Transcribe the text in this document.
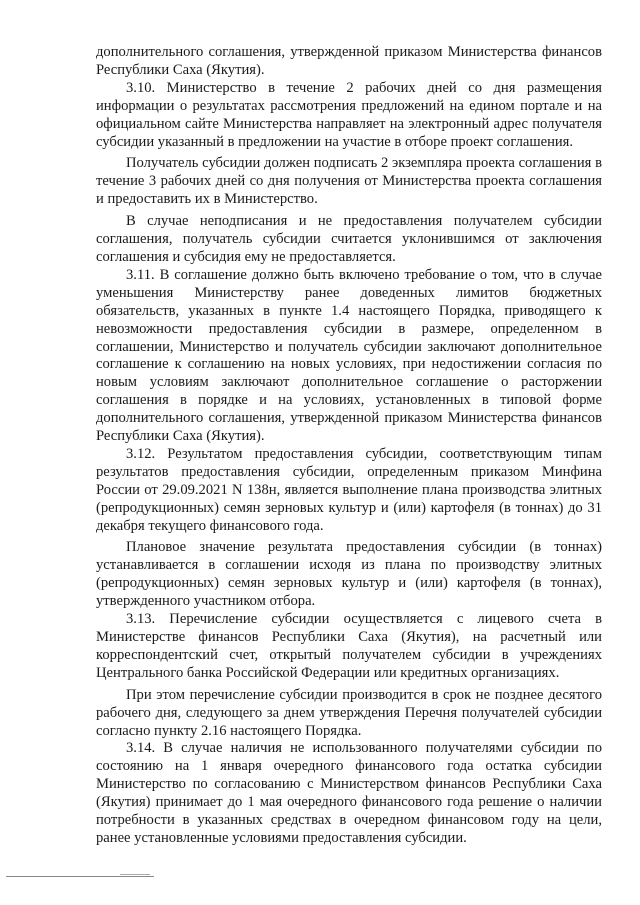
дополнительного соглашения, утвержденной приказом Министерства финансов Республики Саха (Якутия).

3.10. Министерство в течение 2 рабочих дней со дня размещения информации о результатах рассмотрения предложений на едином портале и на официальном сайте Министерства направляет на электронный адрес получателя субсидии указанный в предложении на участие в отборе проект соглашения.

Получатель субсидии должен подписать 2 экземпляра проекта соглашения в течение 3 рабочих дней со дня получения от Министерства проекта соглашения и предоставить их в Министерство.

В случае неподписания и не предоставления получателем субсидии соглашения, получатель субсидии считается уклонившимся от заключения соглашения и субсидия ему не предоставляется.

3.11. В соглашение должно быть включено требование о том, что в случае уменьшения Министерству ранее доведенных лимитов бюджетных обязательств, указанных в пункте 1.4 настоящего Порядка, приводящего к невозможности предоставления субсидии в размере, определенном в соглашении, Министерство и получатель субсидии заключают дополнительное соглашение к соглашению на новых условиях, при недостижении согласия по новым условиям заключают дополнительное соглашение о расторжении соглашения в порядке и на условиях, установленных в типовой форме дополнительного соглашения, утвержденной приказом Министерства финансов Республики Саха (Якутия).

3.12. Результатом предоставления субсидии, соответствующим типам результатов предоставления субсидии, определенным приказом Минфина России от 29.09.2021 N 138н, является выполнение плана производства элитных (репродукционных) семян зерновых культур и (или) картофеля (в тоннах) до 31 декабря текущего финансового года.

Плановое значение результата предоставления субсидии (в тоннах) устанавливается в соглашении исходя из плана по производству элитных (репродукционных) семян зерновых культур и (или) картофеля (в тоннах), утвержденного участником отбора.

3.13. Перечисление субсидии осуществляется с лицевого счета в Министерстве финансов Республики Саха (Якутия), на расчетный или корреспондентский счет, открытый получателем субсидии в учреждениях Центрального банка Российской Федерации или кредитных организациях.

При этом перечисление субсидии производится в срок не позднее десятого рабочего дня, следующего за днем утверждения Перечня получателей субсидии согласно пункту 2.16 настоящего Порядка.

3.14. В случае наличия не использованного получателями субсидии по состоянию на 1 января очередного финансового года остатка субсидии Министерство по согласованию с Министерством финансов Республики Саха (Якутия) принимает до 1 мая очередного финансового года решение о наличии потребности в указанных средствах в очередном финансовом году на цели, ранее установленные условиями предоставления субсидии.
